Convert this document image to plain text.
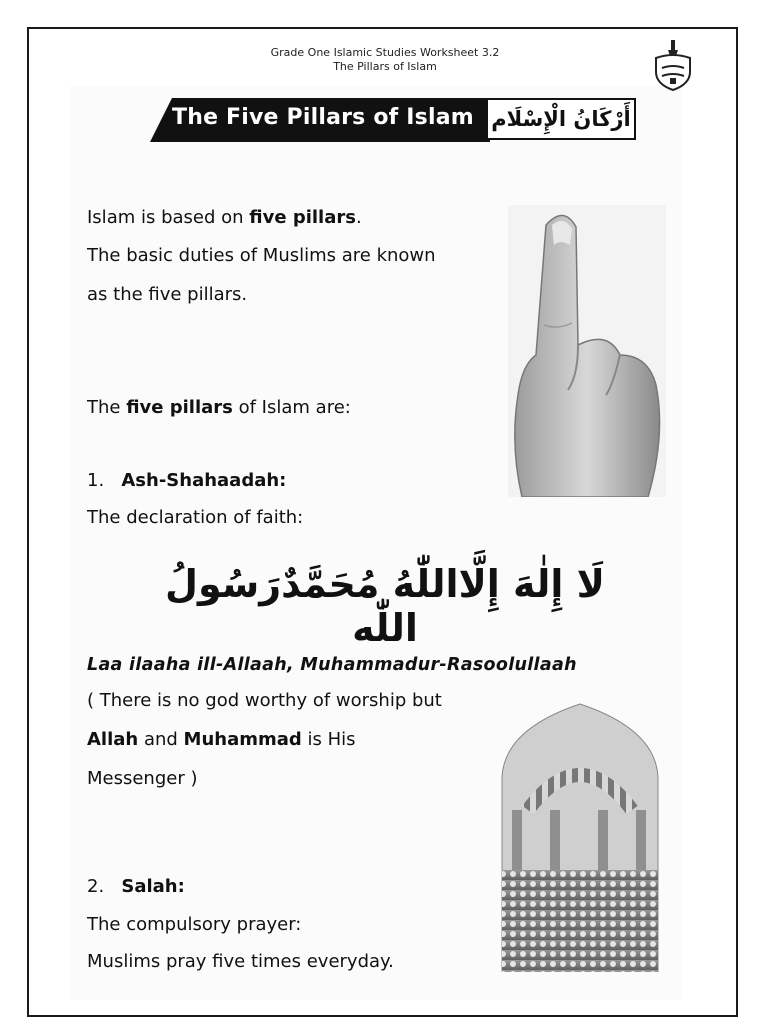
Grade One Islamic Studies Worksheet 3.2
The Pillars of Islam
The Five Pillars of Islam أَرْكَانُ الْإِسْلَام
Islam is based on five pillars.
The basic duties of Muslims are known
as the five pillars.
The five pillars of Islam are:
1. Ash-Shahaadah:
The declaration of faith:
لَا إِلٰهَ إِلَّااللّٰهُ مُحَمَّدٌرَسُولُ اللّٰه
Laa ilaaha ill-Allaah, Muhammadur-Rasoolullaah
( There is no god worthy of worship but
Allah and Muhammad is His
Messenger )
2. Salah:
The compulsory prayer:
Muslims pray five times everyday.
